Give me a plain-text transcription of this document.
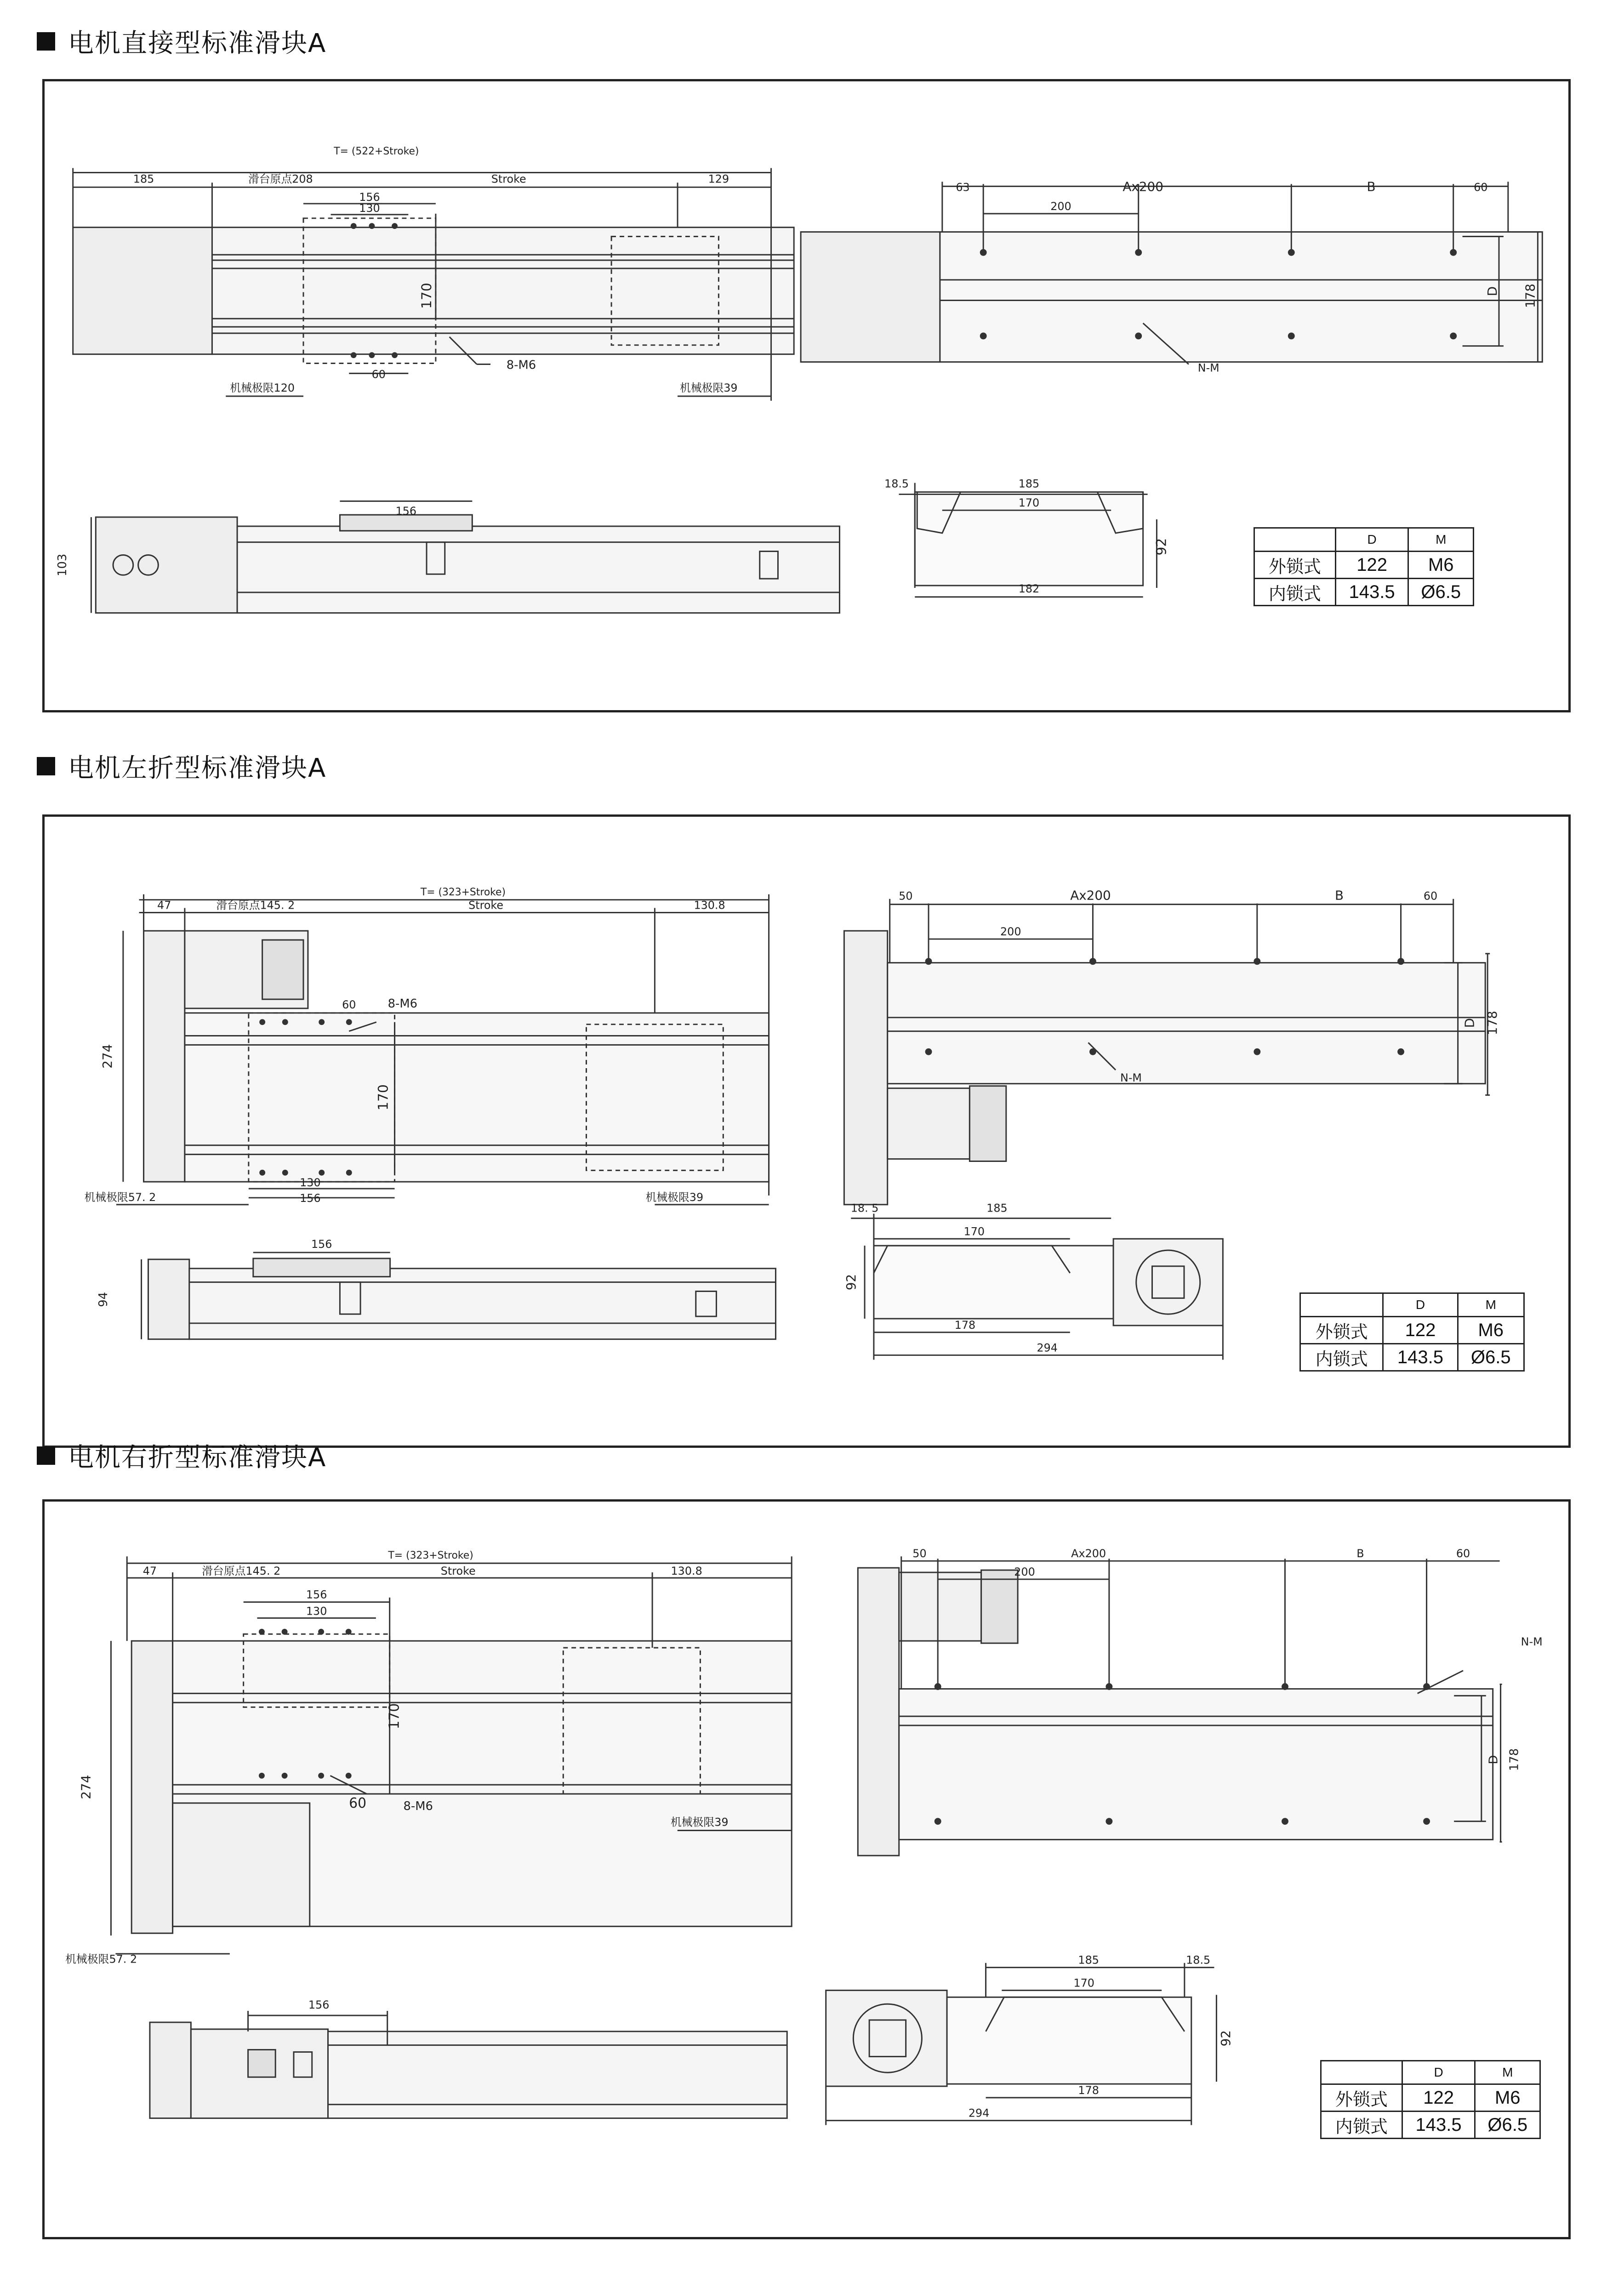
电机直接型标准滑块A
T= (522+Stroke)
185	滑台原点208	Stroke	129
156
130
170
60
8-M6
机械极限120	机械极限39
63	Ax200	B	60
200
D 178
N-M
156
103
18.5	185
170
92
182
	D	M
外锁式	122	M6
内锁式	143.5	Ø6.5
电机左折型标准滑块A
T= (323+Stroke)
47	滑台原点145. 2	Stroke	130.8
60	8-M6
274
170
130
156
机械极限57. 2	机械极限39
50	Ax200	B	60
200
D 178
N-M
156
94
18. 5	185
170
92
178
294
	D	M
外锁式	122	M6
内锁式	143.5	Ø6.5
电机右折型标准滑块A
T= (323+Stroke)
47	滑台原点145. 2	Stroke	130.8
156
130
274
170
60	8-M6
机械极限57. 2
机械极限39
50
200
Ax200	B	60
N-M
D 178
156
185	18.5
170
92
178
294
	D	M
外锁式	122	M6
内锁式	143.5	Ø6.5
